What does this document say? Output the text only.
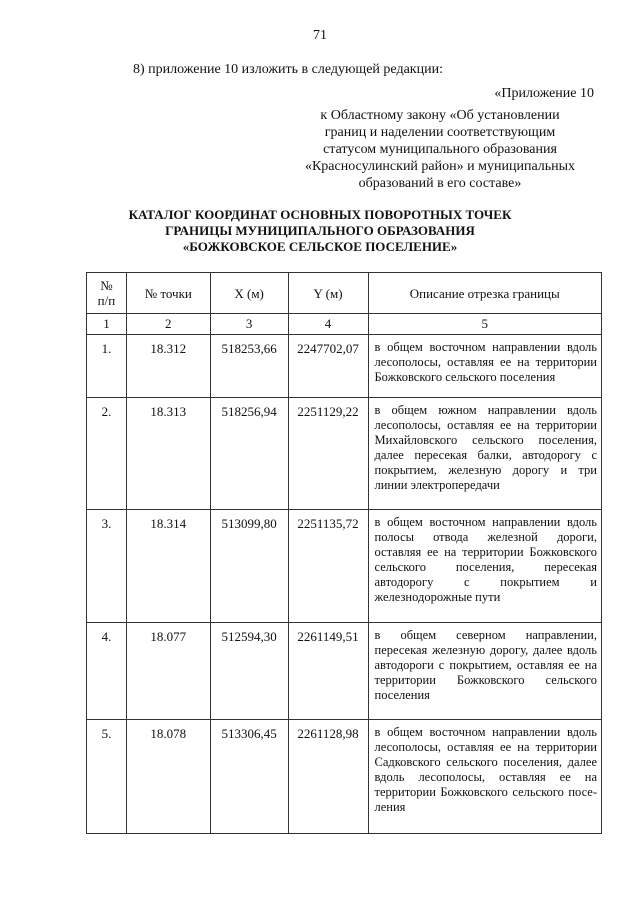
71
8) приложение 10 изложить в следующей редакции:
«Приложение 10
к Областному закону «Об установлении
границ и наделении соответствующим
статусом муниципального образования
«Красносулинский район» и муниципальных
образований в его составе»
КАТАЛОГ КООРДИНАТ ОСНОВНЫХ ПОВОРОТНЫХ ТОЧЕК
ГРАНИЦЫ МУНИЦИПАЛЬНОГО ОБРАЗОВАНИЯ
«БОЖКОВСКОЕ СЕЛЬСКОЕ ПОСЕЛЕНИЕ»
№
п/п	№ точки	X (м)	Y (м)	Описание отрезка границы
1	2	3	4	5
1.	18.312	518253,66	2247702,07	в общем восточном направлении вдоль лесополосы, оставляя ее на территории Божковского сельского поселения
2.	18.313	518256,94	2251129,22	в общем южном направлении вдоль лесополосы, оставляя ее на территории Михайловского сельского поселения, далее пересекая балки, автодорогу с покрытием, железную дорогу и три линии электропередачи
3.	18.314	513099,80	2251135,72	в общем восточном направлении вдоль полосы отвода железной дороги, оставляя ее на территории Божковского сельского поселения, пересекая автодорогу с покрытием и железнодорожные пути
4.	18.077	512594,30	2261149,51	в общем северном направлении, пересекая железную дорогу, далее вдоль автодороги с покрытием, оставляя ее на территории Божковского сельского поселения
5.	18.078	513306,45	2261128,98	в общем восточном направлении вдоль лесополосы, оставляя ее на территории Садковского сельского поселения, далее вдоль лесополосы, оставляя ее на территории Божковского сельского поселения
